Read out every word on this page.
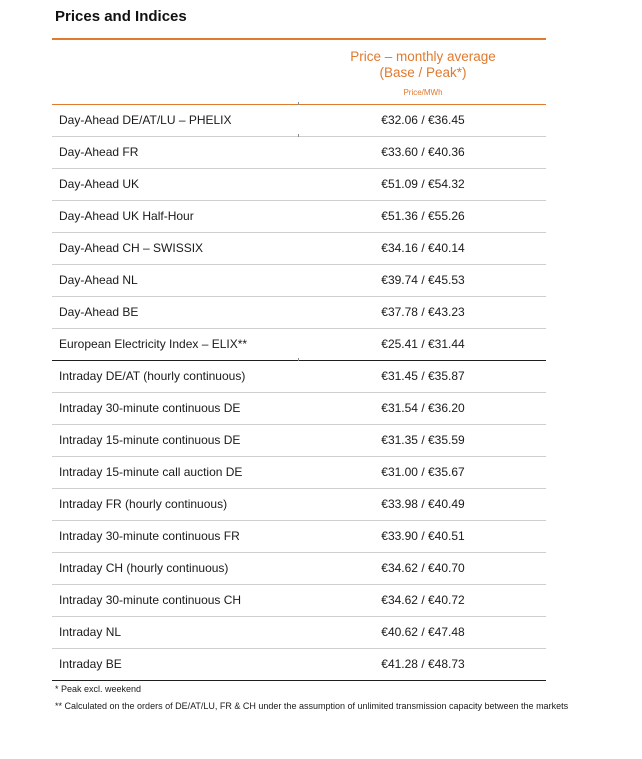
Prices and Indices
Price – monthly average
(Base / Peak*)
Price/MWh
Day-Ahead DE/AT/LU – PHELIX	€32.06 / €36.45
Day-Ahead FR	€33.60 / €40.36
Day-Ahead UK	€51.09 / €54.32
Day-Ahead UK Half-Hour	€51.36 / €55.26
Day-Ahead CH – SWISSIX	€34.16 / €40.14
Day-Ahead NL	€39.74 / €45.53
Day-Ahead BE	€37.78 / €43.23
European Electricity Index – ELIX**	€25.41 / €31.44
Intraday DE/AT (hourly continuous)	€31.45 / €35.87
Intraday 30-minute continuous DE	€31.54 / €36.20
Intraday 15-minute continuous DE	€31.35 / €35.59
Intraday 15-minute call auction DE	€31.00 / €35.67
Intraday FR (hourly continuous)	€33.98 / €40.49
Intraday 30-minute continuous FR	€33.90 / €40.51
Intraday CH (hourly continuous)	€34.62 / €40.70
Intraday 30-minute continuous CH	€34.62 / €40.72
Intraday NL	€40.62 / €47.48
Intraday BE	€41.28 / €48.73
* Peak excl. weekend
** Calculated on the orders of DE/AT/LU, FR & CH under the assumption of unlimited transmission capacity between the markets
